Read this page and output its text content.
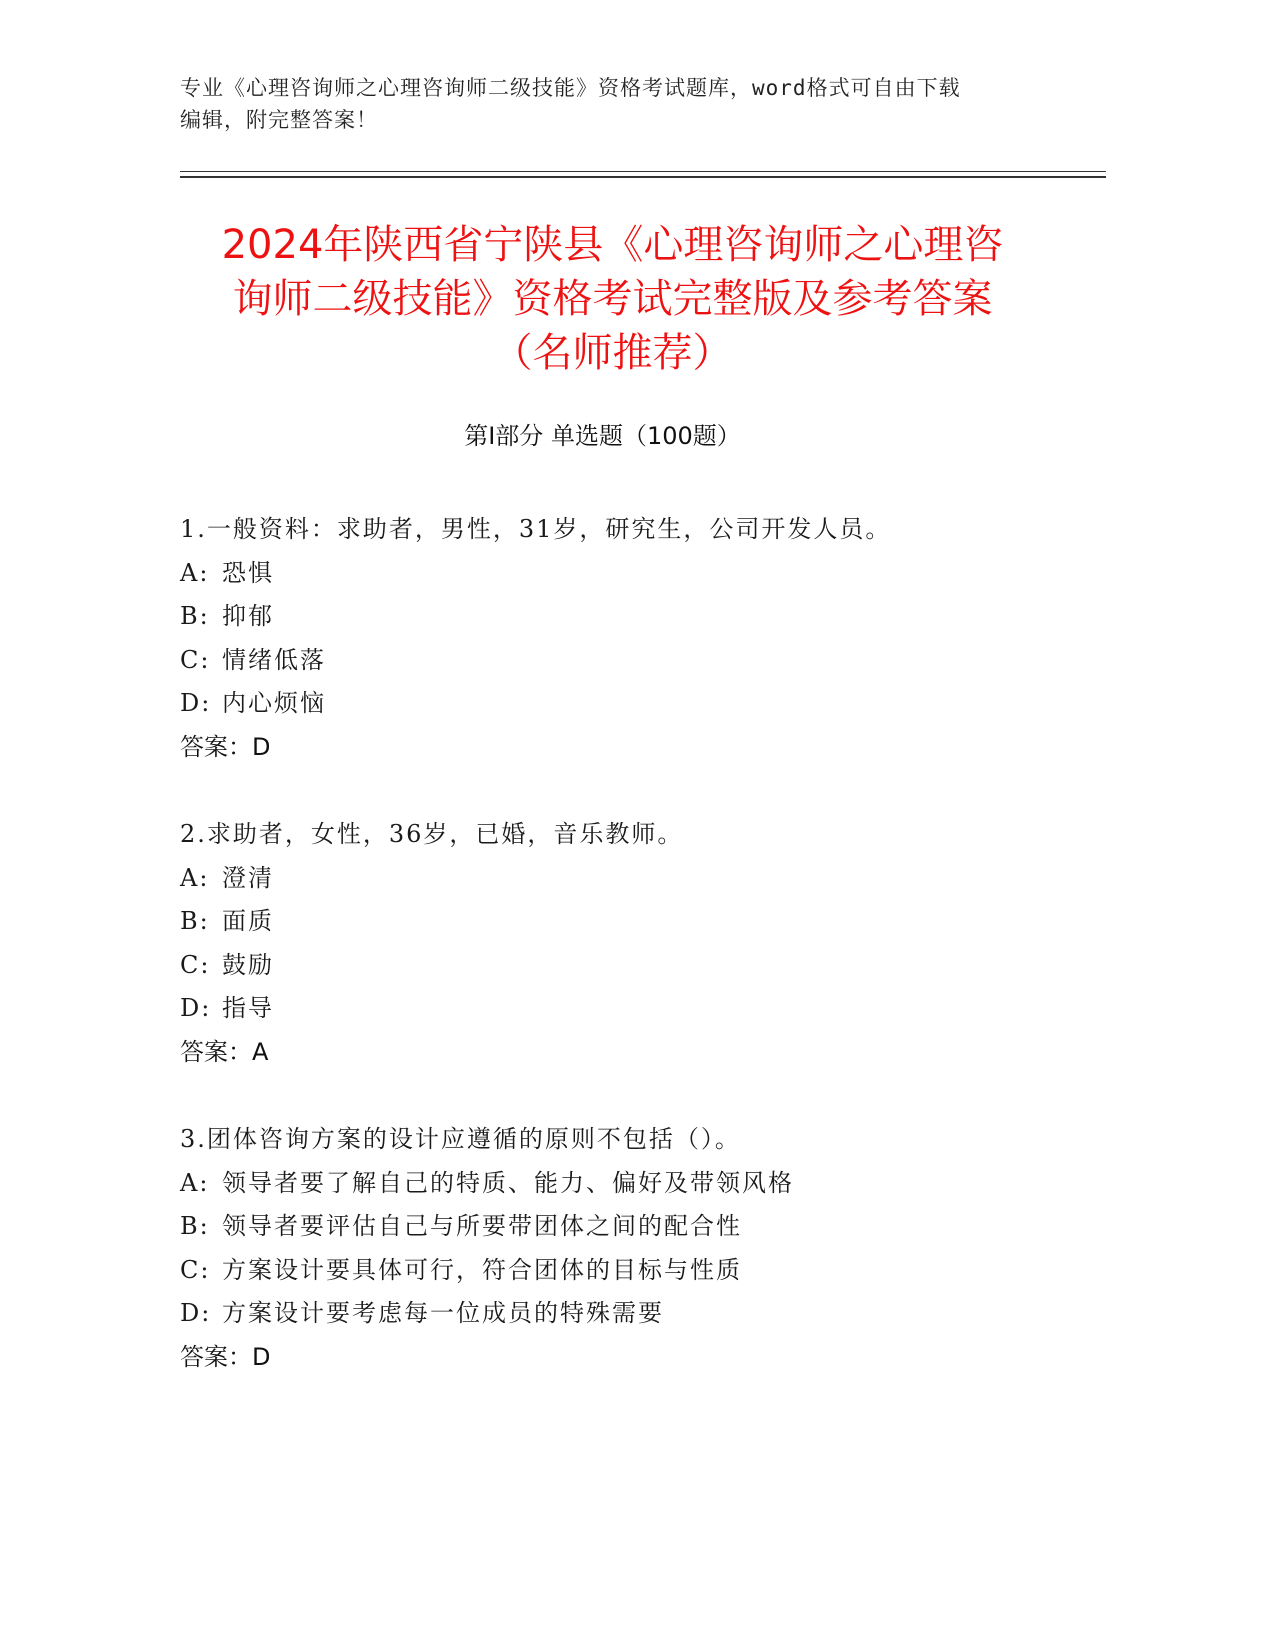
专业《心理咨询师之心理咨询师二级技能》资格考试题库，word格式可自由下载
编辑，附完整答案！
2024年陕西省宁陕县《心理咨询师之心理咨
询师二级技能》资格考试完整版及参考答案
（名师推荐）
第Ⅰ部分 单选题（100题）
1.一般资料：求助者，男性，31岁，研究生，公司开发人员。
A: 恐惧
B: 抑郁
C: 情绪低落
D: 内心烦恼
答案：D
2.求助者，女性，36岁，已婚，音乐教师。
A: 澄清
B: 面质
C: 鼓励
D: 指导
答案：A
3.团体咨询方案的设计应遵循的原则不包括（）。
A: 领导者要了解自己的特质、能力、偏好及带领风格
B: 领导者要评估自己与所要带团体之间的配合性
C: 方案设计要具体可行，符合团体的目标与性质
D: 方案设计要考虑每一位成员的特殊需要
答案：D
